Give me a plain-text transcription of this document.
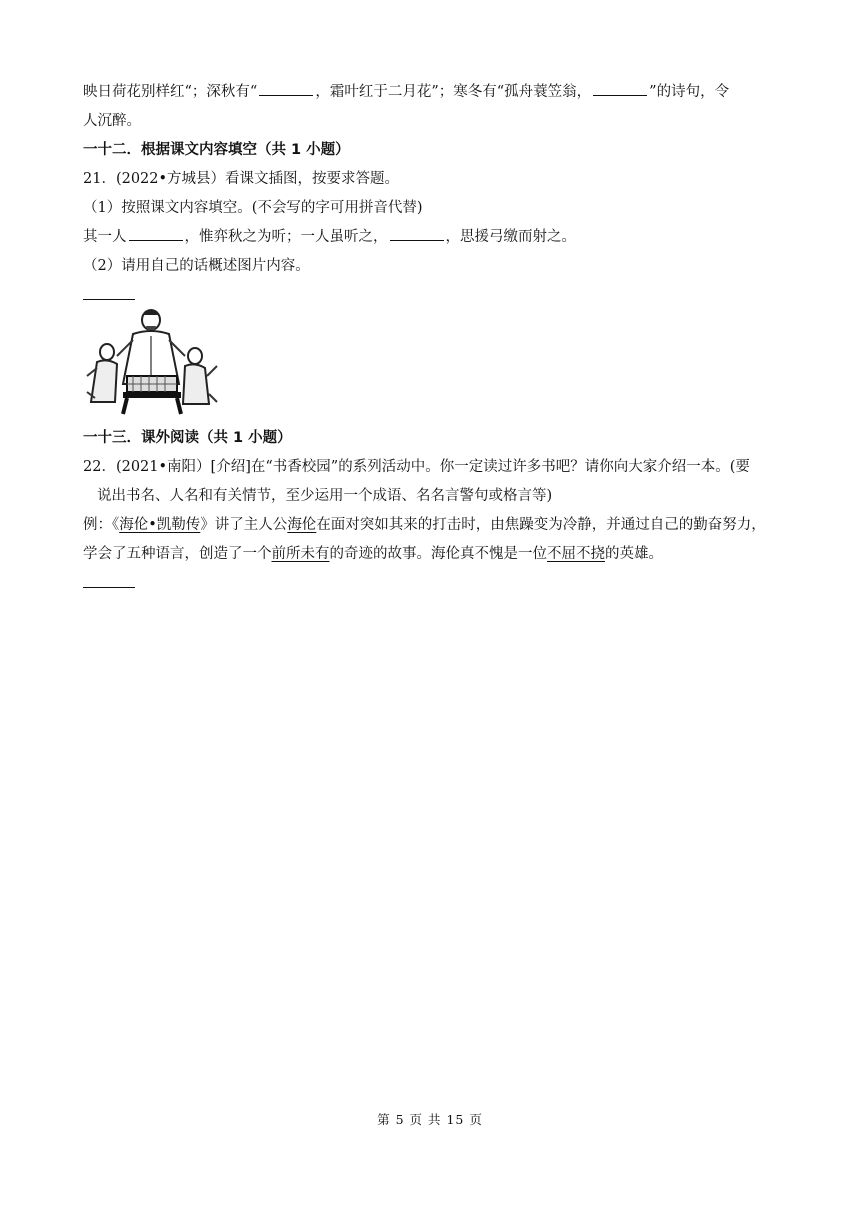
映日荷花别样红“；深秋有“	，霜叶红于二月花”；寒冬有“孤舟蓑笠翁，	”的诗句，令
人沉醉。
一十二．根据课文内容填空（共 1 小题）
21．(2022•方城县）看课文插图，按要求答题。
（1）按照课文内容填空。(不会写的字可用拼音代替)
其一人	，惟弈秋之为听；一人虽听之，	，思援弓缴而射之。
（2）请用自己的话概述图片内容。
一十三．课外阅读（共 1 小题）
22．(2021•南阳）[介绍]在“书香校园”的系列活动中。你一定读过许多书吧？请你向大家介绍一本。(要
说出书名、人名和有关情节，至少运用一个成语、名名言警句或格言等)
例：《海伦•凯勒传》讲了主人公海伦在面对突如其来的打击时，由焦躁变为冷静，并通过自己的勤奋努力，
学会了五种语言，创造了一个前所未有的奇迹的故事。海伦真不愧是一位不屈不挠的英雄。
第 5 页 共 15 页
